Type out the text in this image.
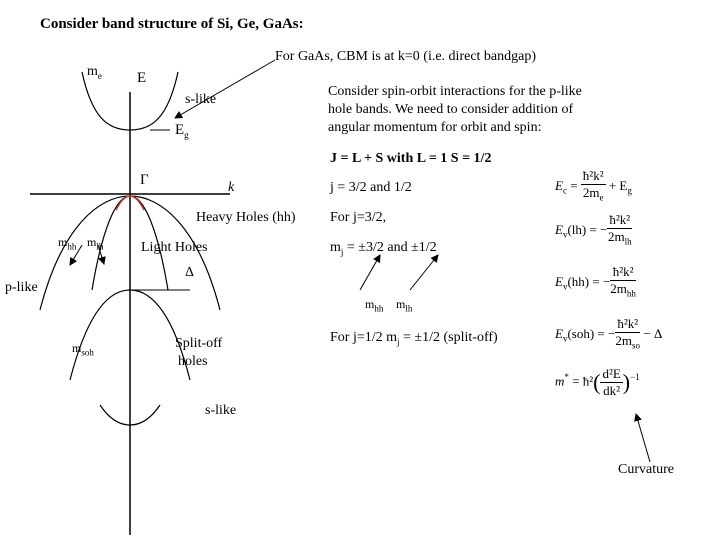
Consider band structure of Si, Ge, GaAs:
$m_e$ E
For GaAs, CBM is at k=0 (i.e. direct bandgap)
s-like
$E_g$
Consider spin-orbit interactions for the p-like
hole bands. We need to consider addition of
angular momentum for orbit and spin:
J = L + S with L = 1 S = 1/2
Γ	k	j = 3/2 and 1/2
Heavy Holes (hh) For j=3/2,
$m_{hh}$ $m_{lh}$	Light Holes	$m_j = \pm 3/2$ and ±1/2
Δ
p-like
$m_{hh}$ $m_{lh}$
$m_{soh}$
Split-off
holes
For j=1/2 $m_j = \pm 1/2$ (split-off)
s-like
Curvature
$E_c = \frac{\text{ħ²k²}}{2m_e} + E_g$
$E_v(lh)$ = − $\frac{\text{ħ²k²}}{2m_{lh}}$
$E_v(hh)$ = − $\frac{\text{ħ²k²}}{2m_{hh}}$
$E_v(soh)$ = − $\frac{\text{ħ²k²}}{2m_{so}} - \Delta$
m* = ħ²( $\frac{\text{d²E}}{\text{dk²}} )^{-1}$
